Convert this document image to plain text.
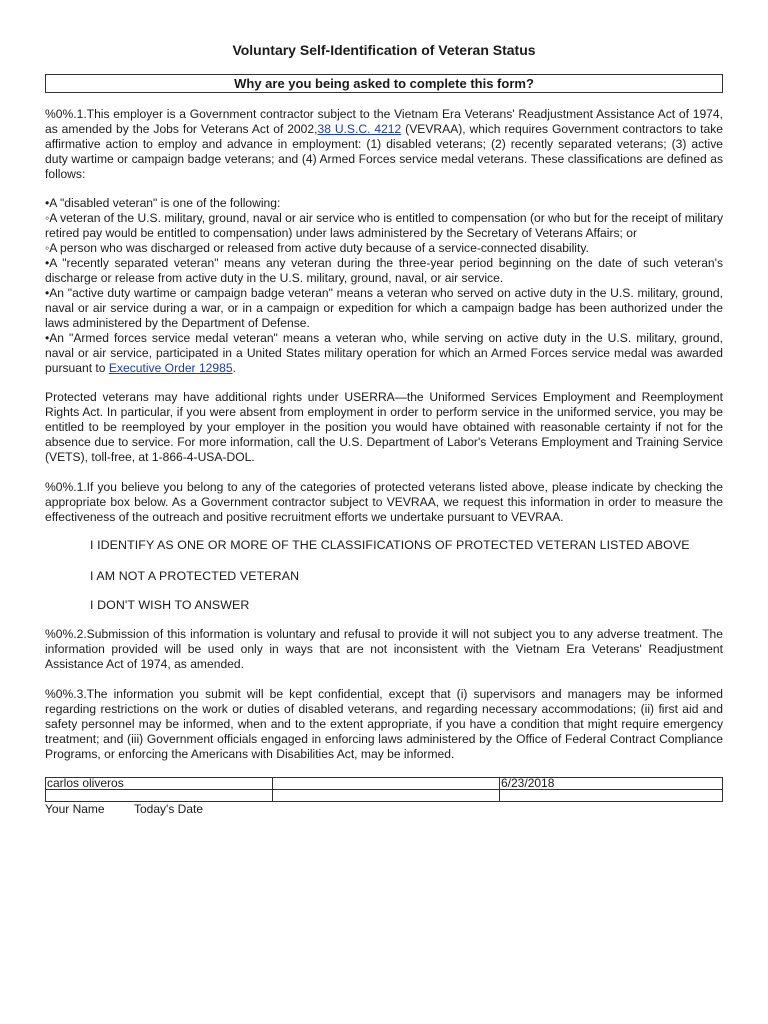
Voluntary Self-Identification of Veteran Status
Why are you being asked to complete this form?

%0%.1.This employer is a Government contractor subject to the Vietnam Era Veterans' Readjustment Assistance Act of 1974, as amended by the Jobs for Veterans Act of 2002,38 U.S.C. 4212 (VEVRAA), which requires Government contractors to take affirmative action to employ and advance in employment: (1) disabled veterans; (2) recently separated veterans; (3) active duty wartime or campaign badge veterans; and (4) Armed Forces service medal veterans. These classifications are defined as follows:

•A "disabled veteran" is one of the following:

◦A veteran of the U.S. military, ground, naval or air service who is entitled to compensation (or who but for the receipt of military retired pay would be entitled to compensation) under laws administered by the Secretary of Veterans Affairs; or

◦A person who was discharged or released from active duty because of a service-connected disability.

•A "recently separated veteran" means any veteran during the three-year period beginning on the date of such veteran's discharge or release from active duty in the U.S. military, ground, naval, or air service.

•An "active duty wartime or campaign badge veteran" means a veteran who served on active duty in the U.S. military, ground, naval or air service during a war, or in a campaign or expedition for which a campaign badge has been authorized under the laws administered by the Department of Defense.

•An "Armed forces service medal veteran" means a veteran who, while serving on active duty in the U.S. military, ground, naval or air service, participated in a United States military operation for which an Armed Forces service medal was awarded pursuant to Executive Order 12985.

Protected veterans may have additional rights under USERRA—the Uniformed Services Employment and Reemployment Rights Act. In particular, if you were absent from employment in order to perform service in the uniformed service, you may be entitled to be reemployed by your employer in the position you would have obtained with reasonable certainty if not for the absence due to service. For more information, call the U.S. Department of Labor's Veterans Employment and Training Service (VETS), toll-free, at 1-866-4-USA-DOL.

%0%.1.If you believe you belong to any of the categories of protected veterans listed above, please indicate by checking the appropriate box below. As a Government contractor subject to VEVRAA, we request this information in order to measure the effectiveness of the outreach and positive recruitment efforts we undertake pursuant to VEVRAA.

I IDENTIFY AS ONE OR MORE OF THE CLASSIFICATIONS OF PROTECTED VETERAN LISTED ABOVE
I AM NOT A PROTECTED VETERAN
I DON'T WISH TO ANSWER

%0%.2.Submission of this information is voluntary and refusal to provide it will not subject you to any adverse treatment. The information provided will be used only in ways that are not inconsistent with the Vietnam Era Veterans' Readjustment Assistance Act of 1974, as amended.

%0%.3.The information you submit will be kept confidential, except that (i) supervisors and managers may be informed regarding restrictions on the work or duties of disabled veterans, and regarding necessary accommodations; (ii) first aid and safety personnel may be informed, when and to the extent appropriate, if you have a condition that might require emergency treatment; and (iii) Government officials engaged in enforcing laws administered by the Office of Federal Contract Compliance Programs, or enforcing the Americans with Disabilities Act, may be informed.

carlos oliveros		6/23/2018

Your Name Today's Date
